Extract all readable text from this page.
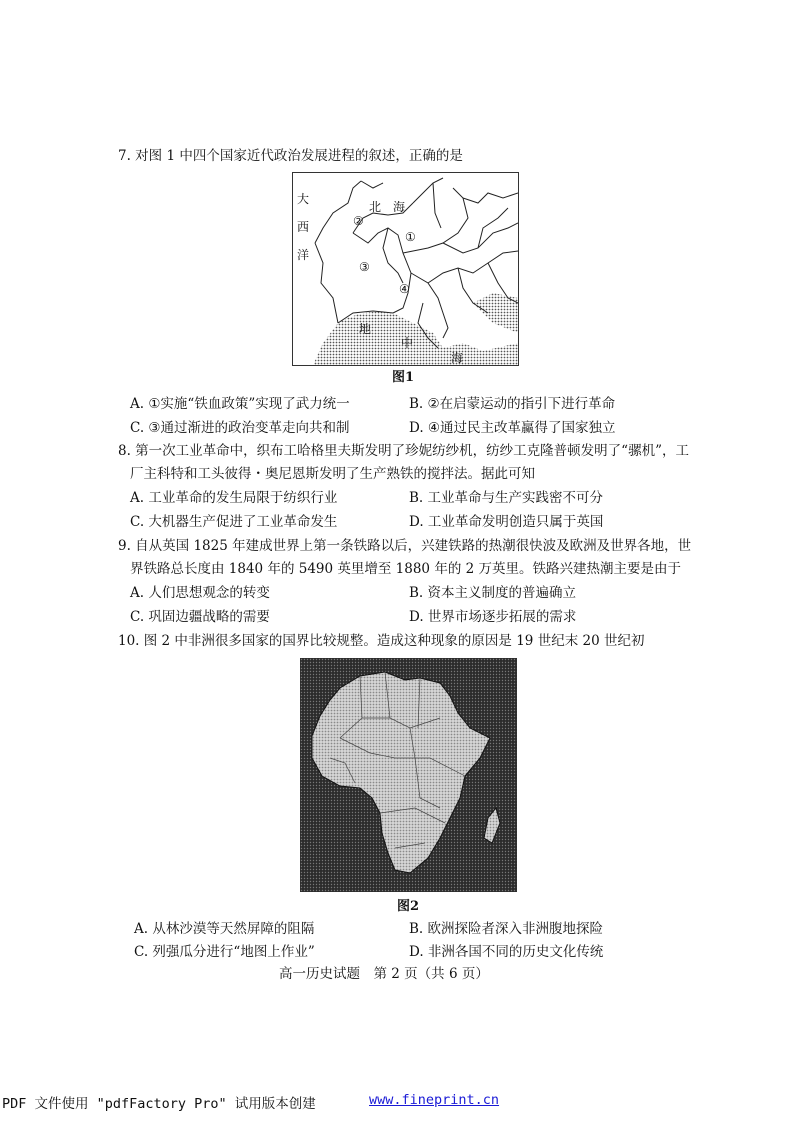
7. 对图 1 中四个国家近代政治发展进程的叙述，正确的是
大
西
洋
北 海
②
①
③
④
地
中
海
图1
A. ①实施“铁血政策”实现了武力统一	B. ②在启蒙运动的指引下进行革命
C. ③通过渐进的政治变革走向共和制	D. ④通过民主改革赢得了国家独立
8. 第一次工业革命中，织布工哈格里夫斯发明了珍妮纺纱机，纺纱工克隆普顿发明了“骡机”，工
厂主科特和工头彼得・奥尼恩斯发明了生产熟铁的搅拌法。据此可知
A. 工业革命的发生局限于纺织行业	B. 工业革命与生产实践密不可分
C. 大机器生产促进了工业革命发生	D. 工业革命发明创造只属于英国
9. 自从英国 1825 年建成世界上第一条铁路以后，兴建铁路的热潮很快波及欧洲及世界各地，世
界铁路总长度由 1840 年的 5490 英里增至 1880 年的 2 万英里。铁路兴建热潮主要是由于
A. 人们思想观念的转变	B. 资本主义制度的普遍确立
C. 巩固边疆战略的需要	D. 世界市场逐步拓展的需求
10. 图 2 中非洲很多国家的国界比较规整。造成这种现象的原因是 19 世纪末 20 世纪初
图2
A. 从林沙漠等天然屏障的阻隔	B. 欧洲探险者深入非洲腹地探险
C. 列强瓜分进行“地图上作业”	D. 非洲各国不同的历史文化传统
高一历史试题　第 2 页（共 6 页）
PDF 文件使用 "pdfFactory Pro" 试用版本创建	www.fineprint.cn
